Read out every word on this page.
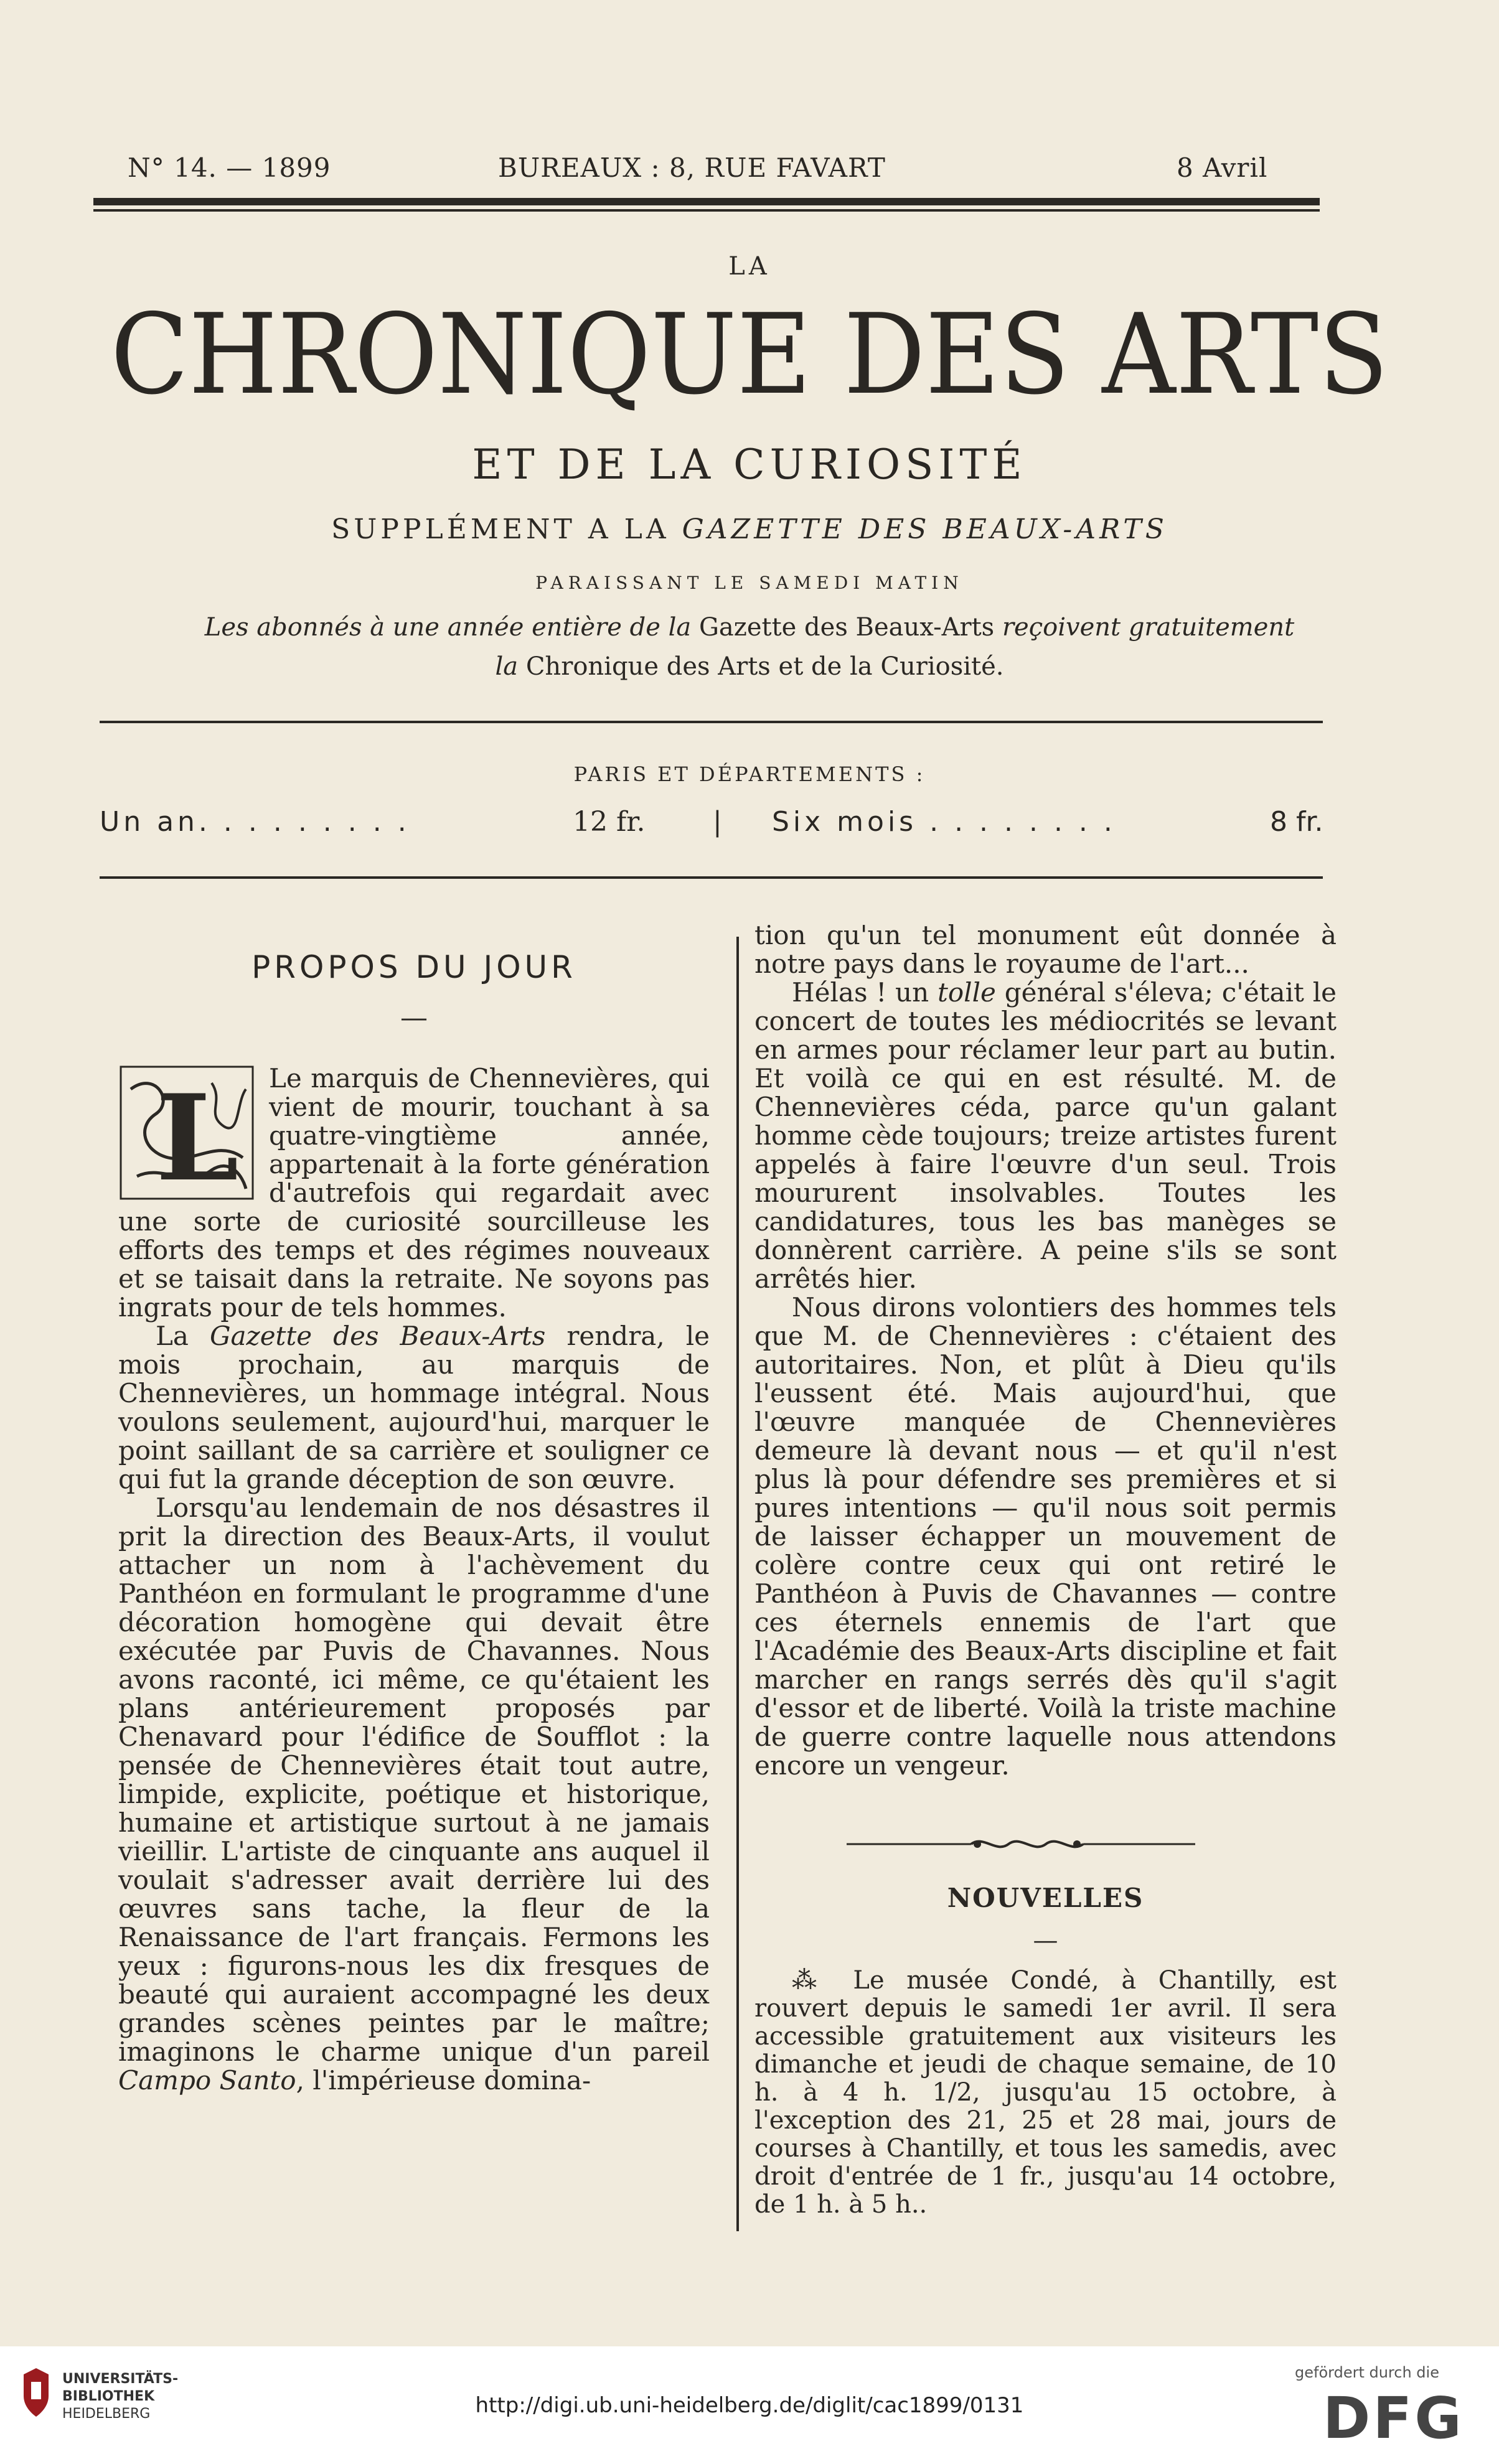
N° 14. — 1899	BUREAUX : 8, RUE FAVART	8 Avril
LA
CHRONIQUE DES ARTS
ET DE LA CURIOSITÉ
SUPPLÉMENT A LA GAZETTE DES BEAUX-ARTS
PARAISSANT LE SAMEDI MATIN
Les abonnés à une année entière de la Gazette des Beaux-Arts reçoivent gratuitement
la Chronique des Arts et de la Curiosité.
PARIS ET DÉPARTEMENTS :
Un an. . . . . . . . .	12 fr. | Six mois . . . . . . . .	8 fr.
PROPOS DU JOUR
—

L Le marquis de Chennevières, qui vient de mourir, touchant à sa quatre-vingtième année, appartenait à la forte génération d'autrefois qui regardait avec une sorte de curiosité sourcilleuse les efforts des temps et des régimes nouveaux et se taisait dans la retraite. Ne soyons pas ingrats pour de tels hommes.

La Gazette des Beaux-Arts rendra, le mois prochain, au marquis de Chennevières, un hommage intégral. Nous voulons seulement, aujourd'hui, marquer le point saillant de sa carrière et souligner ce qui fut la grande déception de son œuvre.

Lorsqu'au lendemain de nos désastres il prit la direction des Beaux-Arts, il voulut attacher un nom à l'achèvement du Panthéon en formulant le programme d'une décoration homogène qui devait être exécutée par Puvis de Chavannes. Nous avons raconté, ici même, ce qu'étaient les plans antérieurement proposés par Chenavard pour l'édifice de Soufflot : la pensée de Chennevières était tout autre, limpide, explicite, poétique et historique, humaine et artistique surtout à ne jamais vieillir. L'artiste de cinquante ans auquel il voulait s'adresser avait derrière lui des œuvres sans tache, la fleur de la Renaissance de l'art français. Fermons les yeux : figurons-nous les dix fresques de beauté qui auraient accompagné les deux grandes scènes peintes par le maître; imaginons le charme unique d'un pareil Campo Santo, l'impérieuse domina-

tion qu'un tel monument eût donnée à notre pays dans le royaume de l'art...

Hélas ! un tolle général s'éleva; c'était le concert de toutes les médiocrités se levant en armes pour réclamer leur part au butin. Et voilà ce qui en est résulté. M. de Chennevières céda, parce qu'un galant homme cède toujours; treize artistes furent appelés à faire l'œuvre d'un seul. Trois moururent insolvables. Toutes les candidatures, tous les bas manèges se donnèrent carrière. A peine s'ils se sont arrêtés hier.

Nous dirons volontiers des hommes tels que M. de Chennevières : c'étaient des autoritaires. Non, et plût à Dieu qu'ils l'eussent été. Mais aujourd'hui, que l'œuvre manquée de Chennevières demeure là devant nous — et qu'il n'est plus là pour défendre ses premières et si pures intentions — qu'il nous soit permis de laisser échapper un mouvement de colère contre ceux qui ont retiré le Panthéon à Puvis de Chavannes — contre ces éternels ennemis de l'art que l'Académie des Beaux-Arts discipline et fait marcher en rangs serrés dès qu'il s'agit d'essor et de liberté. Voilà la triste machine de guerre contre laquelle nous attendons encore un vengeur.

NOUVELLES
—

⁂ Le musée Condé, à Chantilly, est rouvert depuis le samedi 1er avril. Il sera accessible gratuitement aux visiteurs les dimanche et jeudi de chaque semaine, de 10 h. à 4 h. 1/2, jusqu'au 15 octobre, à l'exception des 21, 25 et 28 mai, jours de courses à Chantilly, et tous les samedis, avec droit d'entrée de 1 fr., jusqu'au 14 octobre, de 1 h. à 5 h..

UNIVERSITÄTS-
BIBLIOTHEK
HEIDELBERG	http://digi.ub.uni-heidelberg.de/diglit/cac1899/0131
gefördert durch die
DFG
